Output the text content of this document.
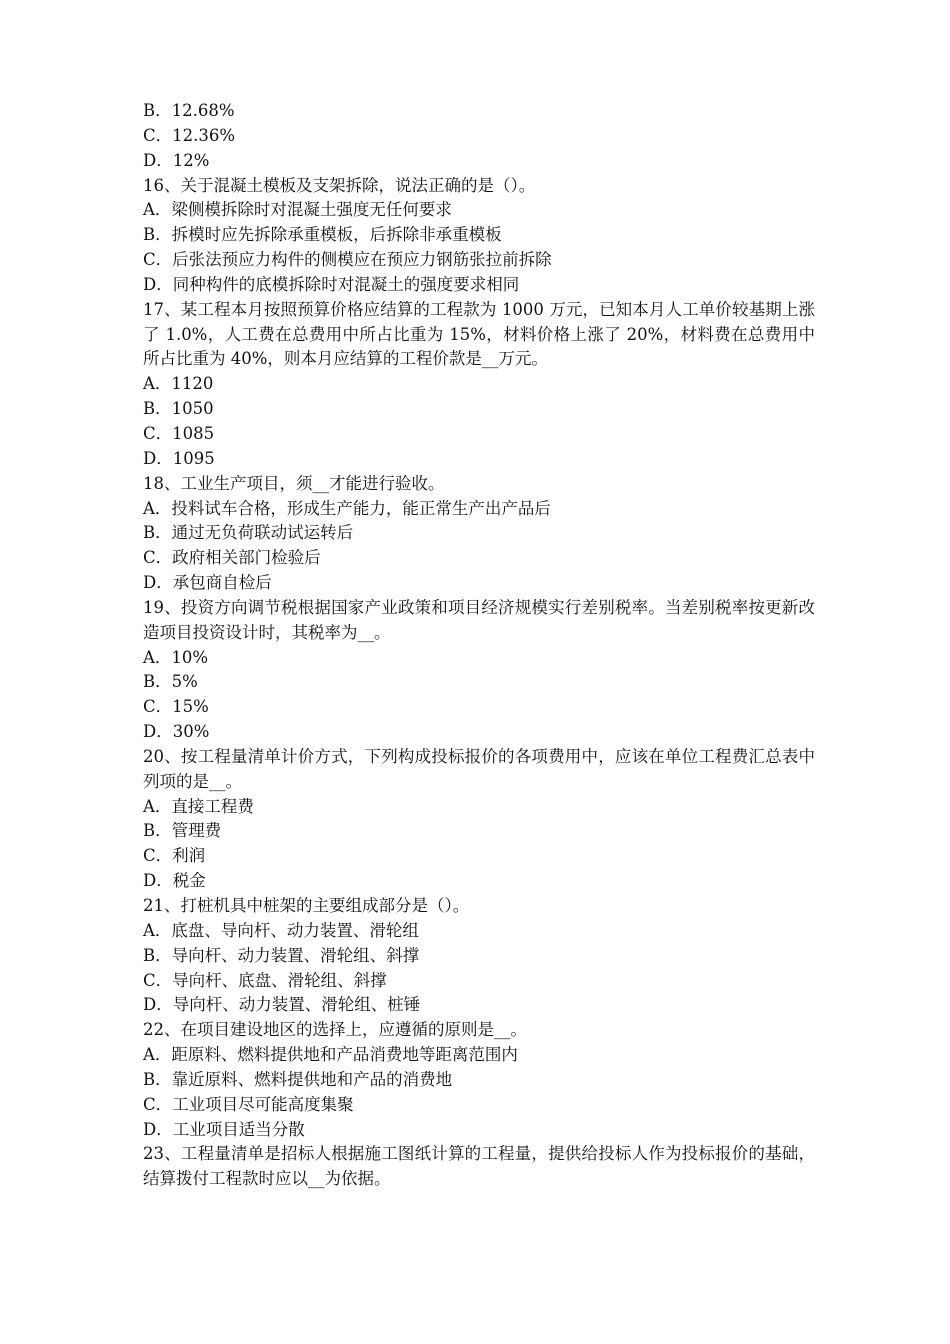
B．12.68%

C．12.36%

D．12%

16、关于混凝土模板及支架拆除，说法正确的是（）。

A．梁侧模拆除时对混凝土强度无任何要求

B．拆模时应先拆除承重模板，后拆除非承重模板

C．后张法预应力构件的侧模应在预应力钢筋张拉前拆除

D．同种构件的底模拆除时对混凝土的强度要求相同

17、某工程本月按照预算价格应结算的工程款为 1000 万元，已知本月人工单价较基期上涨了 1.0%，人工费在总费用中所占比重为 15%，材料价格上涨了 20%，材料费在总费用中所占比重为 40%，则本月应结算的工程价款是__万元。

A．1120

B．1050

C．1085

D．1095

18、工业生产项目，须__才能进行验收。

A．投料试车合格，形成生产能力，能正常生产出产品后

B．通过无负荷联动试运转后

C．政府相关部门检验后

D．承包商自检后

19、投资方向调节税根据国家产业政策和项目经济规模实行差别税率。当差别税率按更新改造项目投资设计时，其税率为__。

A．10%

B．5%

C．15%

D．30%

20、按工程量清单计价方式，下列构成投标报价的各项费用中，应该在单位工程费汇总表中列项的是__。

A．直接工程费

B．管理费

C．利润

D．税金

21、打桩机具中桩架的主要组成部分是（）。

A．底盘、导向杆、动力装置、滑轮组

B．导向杆、动力装置、滑轮组、斜撑

C．导向杆、底盘、滑轮组、斜撑

D．导向杆、动力装置、滑轮组、桩锤

22、在项目建设地区的选择上，应遵循的原则是__。

A．距原料、燃料提供地和产品消费地等距离范围内

B．靠近原料、燃料提供地和产品的消费地

C．工业项目尽可能高度集聚

D．工业项目适当分散

23、工程量清单是招标人根据施工图纸计算的工程量，提供给投标人作为投标报价的基础，结算拨付工程款时应以__为依据。
